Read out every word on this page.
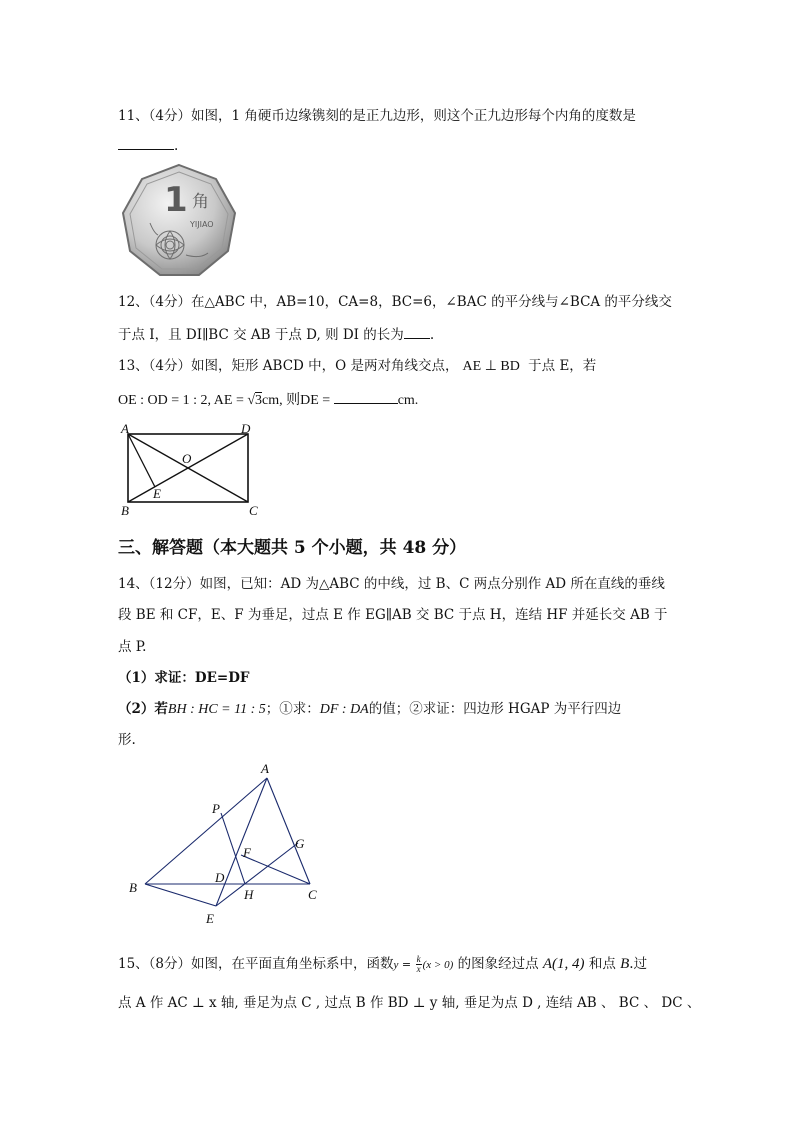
11、（4分）如图，1 角硬币边缘镌刻的是正九边形，则这个正九边形每个内角的度数是
.
1 角
YIJIAO
12、（4分）在△ABC 中，AB=10，CA=8，BC=6，∠BAC 的平分线与∠BCA 的平分线交
于点 I，且 DI∥BC 交 AB 于点 D, 则 DI 的长为 .
13、（4分）如图，矩形 ABCD 中，O 是两对角线交点， AE ⊥ BD 于点 E，若
OE : OD = 1 : 2, AE = √3cm, 则DE =	cm.
A	D
O
E
B	C
三、解答题（本大题共 5 个小题，共 48 分）
14、（12分）如图，已知：AD 为△ABC 的中线，过 B、C 两点分别作 AD 所在直线的垂线
段 BE 和 CF，E、F 为垂足，过点 E 作 EG∥AB 交 BC 于点 H，连结 HF 并延长交 AB 于
点 P.
（1）求证：DE=DF
（2）若BH : HC = 11 : 5；①求：DF : DA的值；②求证：四边形 HGAP 为平行四边
形.
A
P
F
G
D
B	H	C
E
15、（8分）如图，在平面直角坐标系中，函数$y = \frac{k}{x} (x > 0)$ 的图象经过点 A(1, 4) 和点 B.过
点 A 作 AC ⊥ x 轴, 垂足为点 C , 过点 B 作 BD ⊥ y 轴, 垂足为点 D , 连结 AB 、 BC 、 DC 、
